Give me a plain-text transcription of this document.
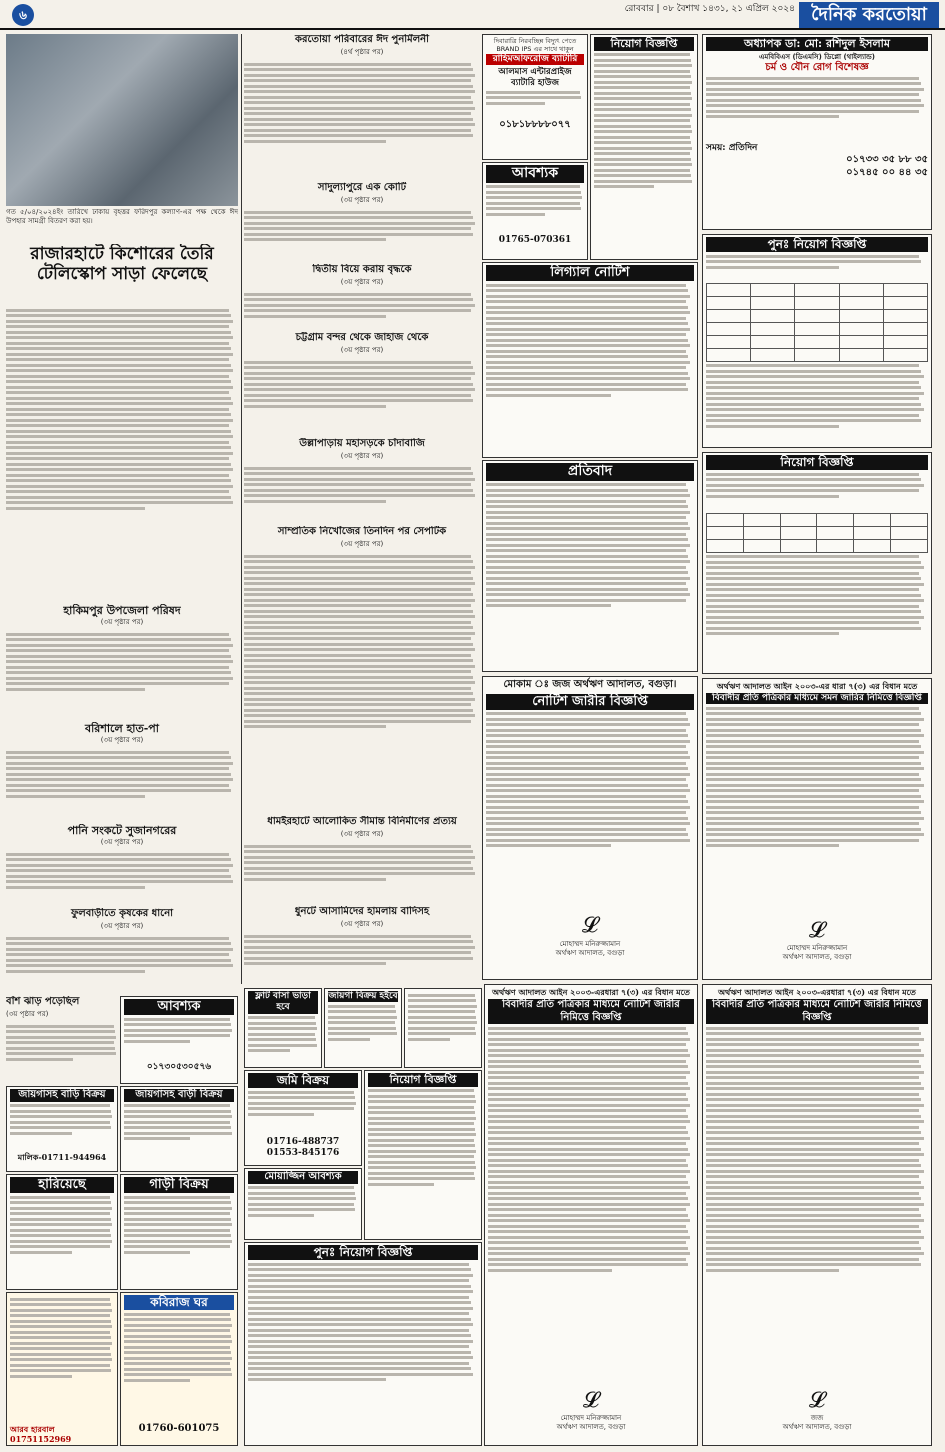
৬	রোববার | ০৮ বৈশাখ ১৪৩১, ২১ এপ্রিল ২০২৪ দৈনিক করতোয়া
গত ৫/০৪/২০২৪ইং তারিখে ঢাকায় বৃহত্তর ফরিদপুর কল্যাণ-এর পক্ষ থেকে ঈদ উপহার সামগ্রী বিতরণ করা হয়।
রাজারহাটে কিশোরের তৈরি টেলিস্কোপ সাড়া ফেলেছে
হাকিমপুর উপজেলা পরিষদ
(৩য় পৃষ্ঠার পর)
বরিশালে হাত-পা
(৩য় পৃষ্ঠার পর)
পানি সংকটে সুজানগরের
(৩য় পৃষ্ঠার পর)
ফুলবাড়ীতে কৃষকের ধানো
(৩য় পৃষ্ঠার পর)
বাঁশ ঝাড় পড়েছিল
(৩য় পৃষ্ঠার পর)	আবশ্যক
০১৭৩০৫৩০৫৭৬
জায়গাসহ বাড়ি বিক্রয়
মালিক-01711-944964
জায়গাসহ বাড়ী বিক্রয়
হারিয়েছে	গাড়ী বিক্রয়
আরব হারবাল 01751152969
কবিরাজ ঘর
01760-601075
করতোয়া পরিবারের ঈদ পুনর্মিলনী
(৪র্থ পৃষ্ঠার পর)
সাদুল্যাপুরে এক কোটি
(৩য় পৃষ্ঠার পর)
দ্বিতীয় বিয়ে করায় বৃদ্ধকে
(৩য় পৃষ্ঠার পর)
চট্টগ্রাম বন্দর থেকে জাহাজ থেকে
(৩য় পৃষ্ঠার পর)
উল্লাপাড়ায় মহাসড়কে চাঁদাবাজি
(৩য় পৃষ্ঠার পর)
সাম্প্রতিক নিখোঁজের তিনদিন পর সেপটিক
(৩য় পৃষ্ঠার পর)
ধামইরহাটে আলোকিত সীমান্ত বিনির্মাণের প্রত্যয়
(৩য় পৃষ্ঠার পর)
ধুনটে আসামিদের হামলায় বাদিসহ
(৩য় পৃষ্ঠার পর)
ফ্লাট বাসা ভাড়া হবে
জায়গা বিক্রয় হইবে
জমি বিক্রয়
01716-488737
01553-845176
নিয়োগ বিজ্ঞপ্তি
মোয়াজ্জিন আবশ্যক
পুনঃ নিয়োগ বিজ্ঞপ্তি
দিবারাত্রি নিরবচ্ছিন্ন বিদ্যুৎ পেতে BRAND IPS এর সাথে থাকুন
রাহিমআফরোজ ব্যাটারি
আলমাস এন্টারপ্রাইজ ব্যাটারি হাউজ
০১৮১৮৮৮৮০৭৭
নিয়োগ বিজ্ঞপ্তি
আবশ্যক
01765-070361
লিগ্যাল নোটিশ
প্রতিবাদ
মোকাম ঃ জজ অর্থঋণ আদালত, বগুড়া।
নোটিশ জারীর বিজ্ঞপ্তি
𝓛
মোহাম্মদ মনিরুজ্জামান
অর্থঋণ আদালত, বগুড়া
অর্থঋণ আদালত আইন ২০০৩-এরধারা ৭(৩) এর বিধান মতে
বিবাদীর প্রতি পত্রিকার মাধ্যমে নোটিশ জারীর নিমিত্তে বিজ্ঞপ্তি
𝓛
মোহাম্মদ মনিরুজ্জামান
অর্থঋণ আদালত, বগুড়া
অধ্যাপক ডা: মো: রশিদুল ইসলাম
এমবিবিএস (ডিএমসি) ডিপ্লো (থাইল্যান্ড)
চর্ম ও যৌন রোগ বিশেষজ্ঞ
সময়: প্রতিদিন
০১৭৩৩ ৩৫ ৮৮ ৩৫
০১৭৪৫ ০০ ৪৪ ৩৫
পুনঃ নিয়োগ বিজ্ঞপ্তি

নিয়োগ বিজ্ঞপ্তি

অর্থঋণ আদালত আইন ২০০৩-এর ধারা ৭(৩) এর বিধান মতে
বিবাদীর প্রতি পত্রিকার মাধ্যমে সমন জারির নিমিত্তে বিজ্ঞপ্তি
𝓛
মোহাম্মদ মনিরুজ্জামান
অর্থঋণ আদালত, বগুড়া
অর্থঋণ আদালত আইন ২০০৩-এরধারা ৭(৩) এর বিধান মতে
বিবাদীর প্রতি পত্রিকার মাধ্যমে নোটিশ জারীর নিমিত্তে বিজ্ঞপ্তি
𝓛
জজ
অর্থঋণ আদালত, বগুড়া
